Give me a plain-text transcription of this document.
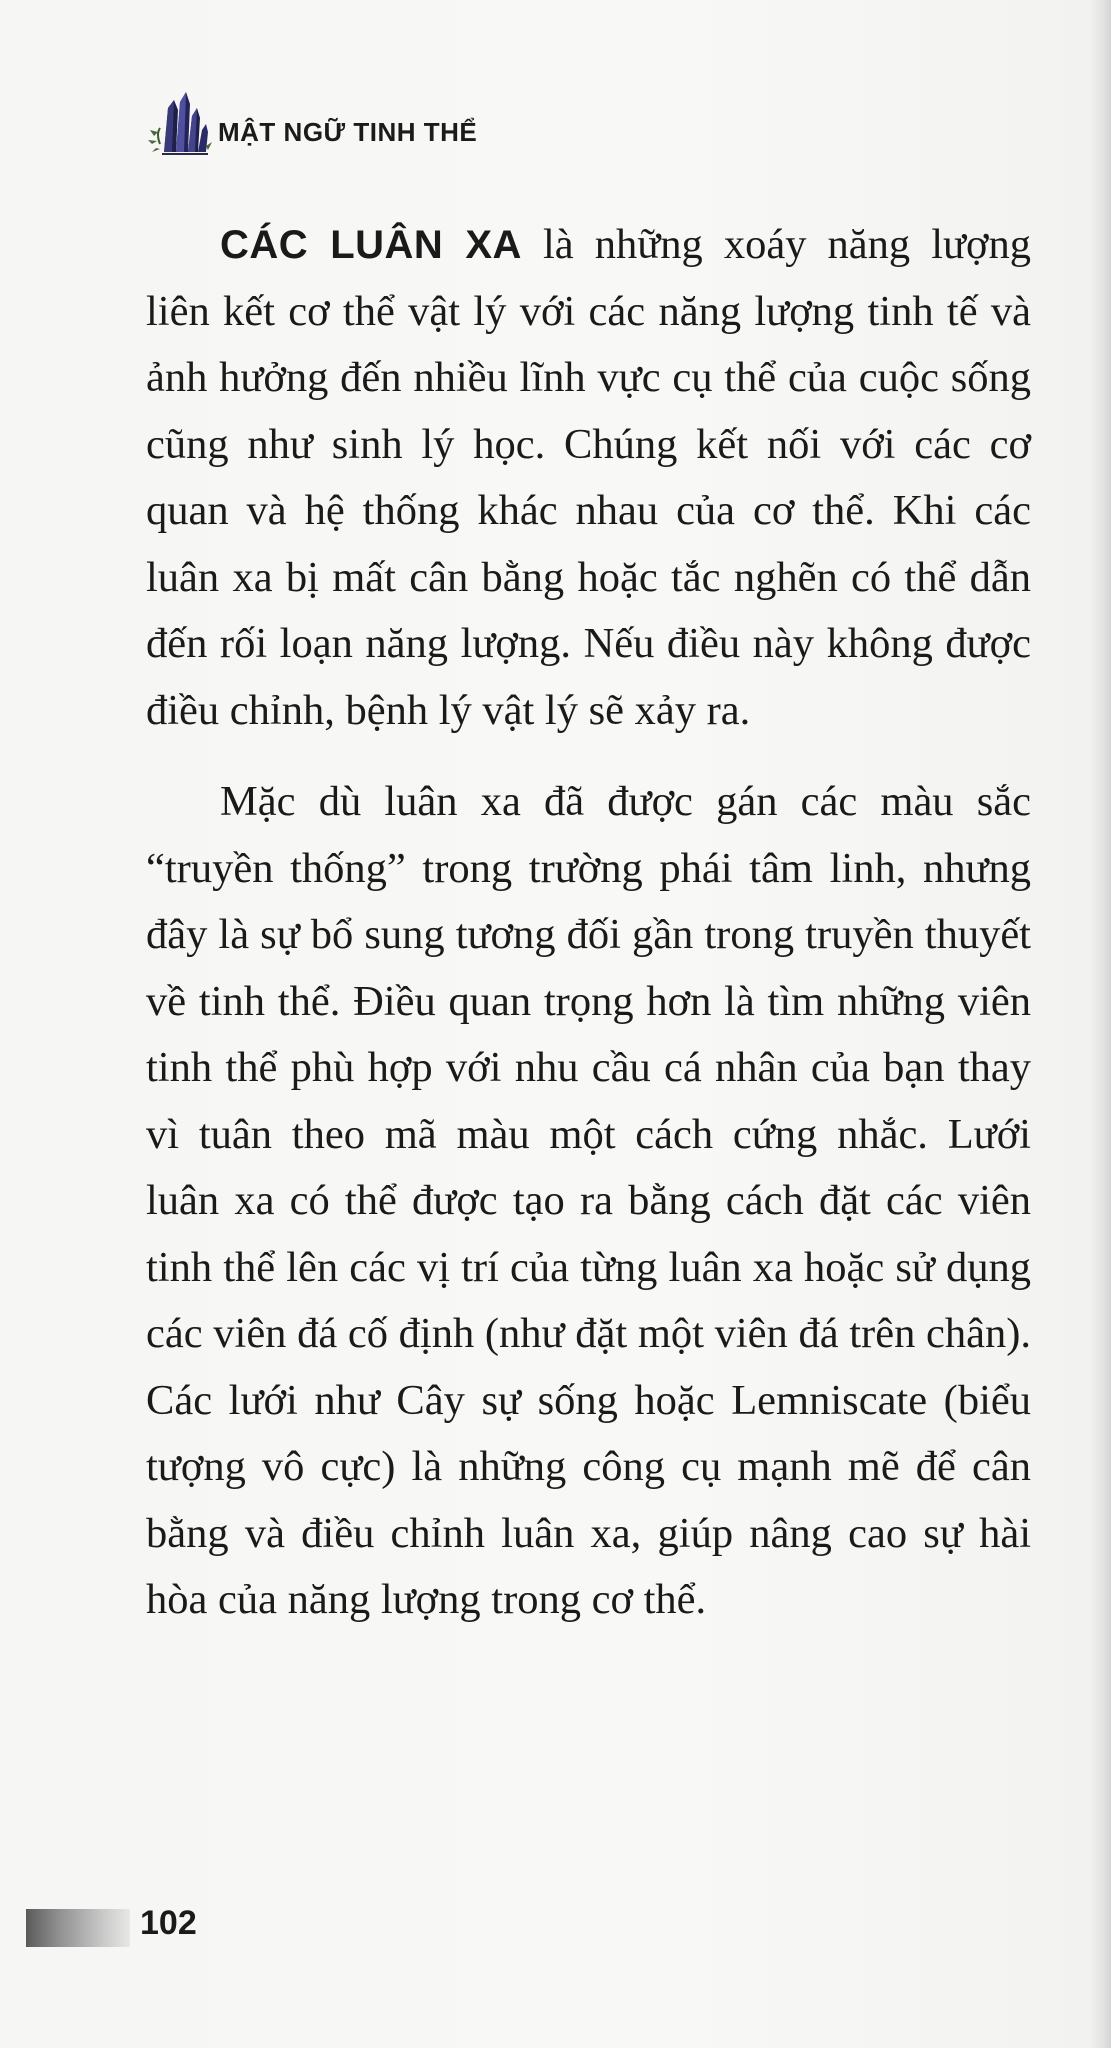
MẬT NGỮ TINH THỂ

CÁC LUÂN XA là những xoáy năng lượng liên kết cơ thể vật lý với các năng lượng tinh tế và ảnh hưởng đến nhiều lĩnh vực cụ thể của cuộc sống cũng như sinh lý học. Chúng kết nối với các cơ quan và hệ thống khác nhau của cơ thể. Khi các luân xa bị mất cân bằng hoặc tắc nghẽn có thể dẫn đến rối loạn năng lượng. Nếu điều này không được điều chỉnh, bệnh lý vật lý sẽ xảy ra.

Mặc dù luân xa đã được gán các màu sắc “truyền thống” trong trường phái tâm linh, nhưng đây là sự bổ sung tương đối gần trong truyền thuyết về tinh thể. Điều quan trọng hơn là tìm những viên tinh thể phù hợp với nhu cầu cá nhân của bạn thay vì tuân theo mã màu một cách cứng nhắc. Lưới luân xa có thể được tạo ra bằng cách đặt các viên tinh thể lên các vị trí của từng luân xa hoặc sử dụng các viên đá cố định (như đặt một viên đá trên chân). Các lưới như Cây sự sống hoặc Lemniscate (biểu tượng vô cực) là những công cụ mạnh mẽ để cân bằng và điều chỉnh luân xa, giúp nâng cao sự hài hòa của năng lượng trong cơ thể.

102
